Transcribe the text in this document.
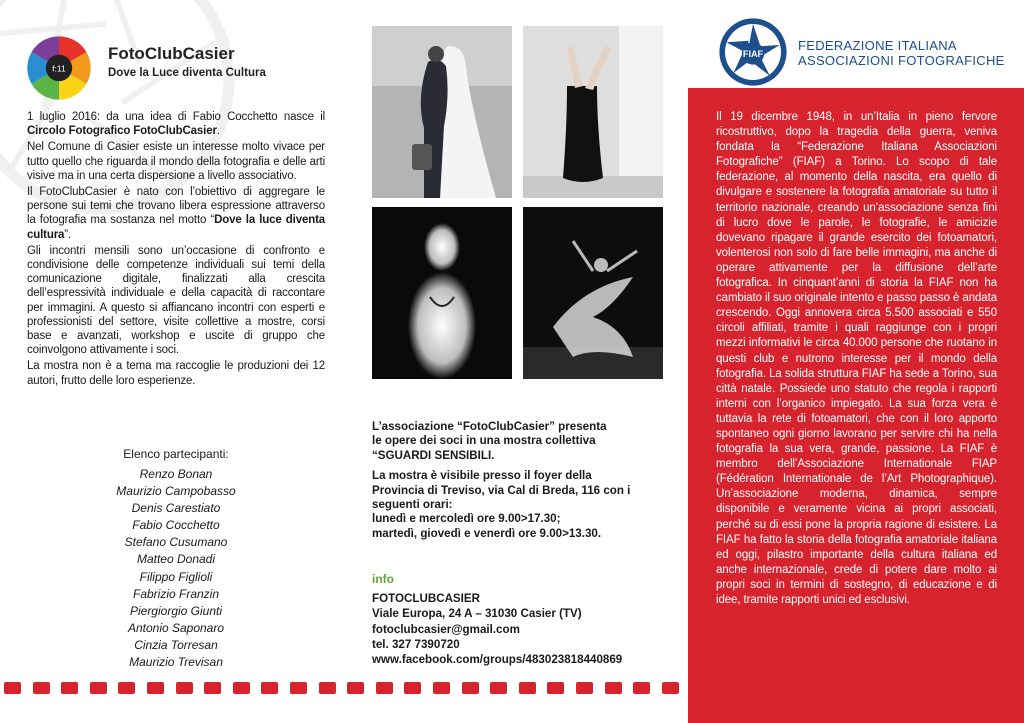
f:11
FotoClubCasier
Dove la Luce diventa Cultura

1 luglio 2016: da una idea di Fabio Cocchetto nasce il Circolo Fotografico FotoClubCasier.

Nel Comune di Casier esiste un interesse molto vivace per tutto quello che riguarda il mondo della fotografia e delle arti visive ma in una certa dispersione a livello associativo.

Il FotoClubCasier è nato con l’obiettivo di aggregare le persone sui temi che trovano libera espressione attraverso la fotografia ma sostanza nel motto “Dove la luce diventa cultura”.

Gli incontri mensili sono un’occasione di confronto e condivisione delle competenze individuali sui temi della comunicazione digitale, finalizzati alla crescita dell’espressività individuale e della capacità di raccontare per immagini. A questo si affiancano incontri con esperti e professionisti del settore, visite collettive a mostre, corsi base e avanzati, workshop e uscite di gruppo che coinvolgono attivamente i soci.

La mostra non è a tema ma raccoglie le produzioni dei 12 autori, frutto delle loro esperienze.

Elenco partecipanti:
Renzo Bonan
Maurizio Campobasso
Denis Carestiato
Fabio Cocchetto
Stefano Cusumano
Matteo Donadi
Filippo Figlioli
Fabrizio Franzin
Piergiorgio Giunti
Antonio Saponaro
Cinzia Torresan
Maurizio Trevisan

L’associazione “FotoClubCasier” presenta
le opere dei soci in una mostra collettiva
“SGUARDI SENSIBILI.

La mostra è visibile presso il foyer della
Provincia di Treviso, via Cal di Breda, 116 con i
seguenti orari:
lunedì e mercoledì ore 9.00>17.30;
martedì, giovedì e venerdì ore 9.00>13.30.

info
FOTOCLUBCASIER
Viale Europa, 24 A – 31030 Casier (TV)
fotoclubcasier@gmail.com
tel. 327 7390720
www.facebook.com/groups/483023818440869
FIAF
FEDERAZIONE ITALIANA
ASSOCIAZIONI FOTOGRAFICHE
Il 19 dicembre 1948, in un’Italia in pieno fervore ricostruttivo, dopo la tragedia della guerra, veniva fondata la “Federazione Italiana Associazioni Fotografiche” (FIAF) a Torino. Lo scopo di tale federazione, al momento della nascita, era quello di divulgare e sostenere la fotografia amatoriale su tutto il territorio nazionale, creando un’associazione senza fini di lucro dove le parole, le fotografie, le amicizie dovevano ripagare il grande esercito dei fotoamatori, volenterosi non solo di fare belle immagini, ma anche di operare attivamente per la diffusione dell’arte fotografica. In cinquant’anni di storia la FIAF non ha cambiato il suo originale intento e passo passo è andata crescendo. Oggi annovera circa 5.500 associati e 550 circoli affiliati, tramite i quali raggiunge con i propri mezzi informativi le circa 40.000 persone che ruotano in questi club e nutrono interesse per il mondo della fotografia. La solida struttura FIAF ha sede a Torino, sua città natale. Possiede uno statuto che regola i rapporti interni con l’organico impiegato. La sua forza vera è tuttavia la rete di fotoamatori, che con il loro apporto spontaneo ogni giorno lavorano per servire chi ha nella fotografia la sua vera, grande, passione. La FIAF è membro dell’Associazione Internationale FIAP (Fédération Internationale de l’Art Photographique). Un’associazione moderna, dinamica, sempre disponibile e veramente vicina ai propri associati, perché su di essi pone la propria ragione di esistere. La FIAF ha fatto la storia della fotografia amatoriale italiana ed oggi, pilastro importante della cultura italiana ed anche internazionale, crede di potere dare molto ai propri soci in termini di sostegno, di educazione e di idee, tramite rapporti unici ed esclusivi.
